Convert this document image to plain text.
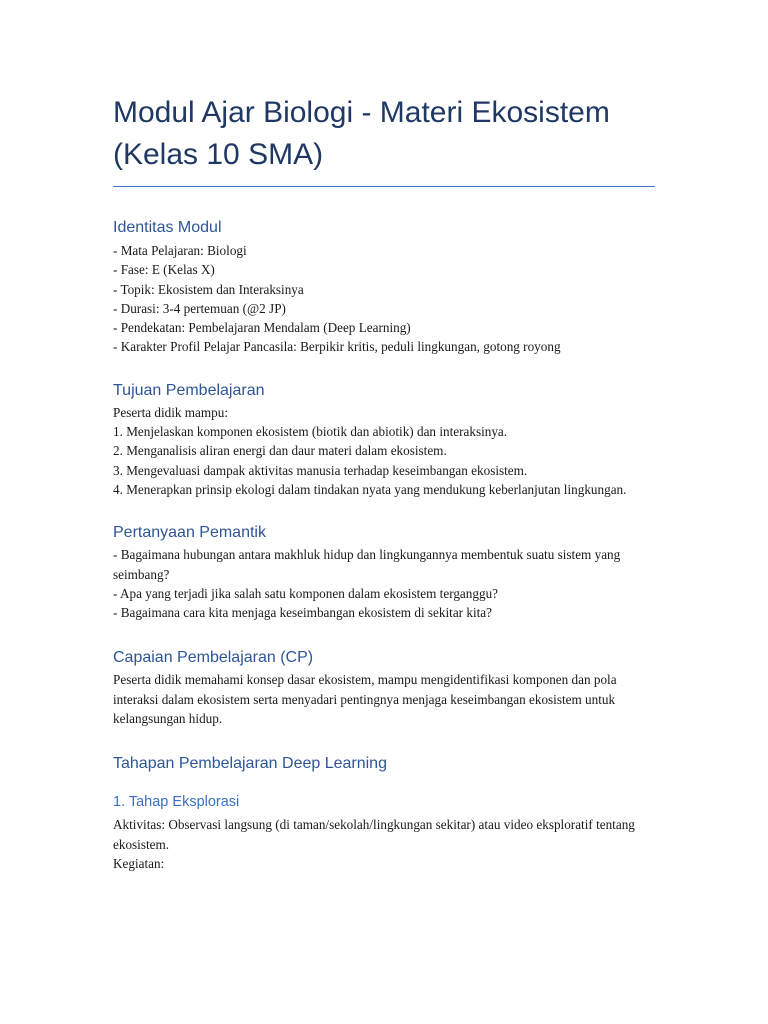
Modul Ajar Biologi - Materi Ekosistem (Kelas 10 SMA)
Identitas Modul

- Mata Pelajaran: Biologi

- Fase: E (Kelas X)

- Topik: Ekosistem dan Interaksinya

- Durasi: 3-4 pertemuan (@2 JP)

- Pendekatan: Pembelajaran Mendalam (Deep Learning)

- Karakter Profil Pelajar Pancasila: Berpikir kritis, peduli lingkungan, gotong royong

Tujuan Pembelajaran

Peserta didik mampu:

1. Menjelaskan komponen ekosistem (biotik dan abiotik) dan interaksinya.

2. Menganalisis aliran energi dan daur materi dalam ekosistem.

3. Mengevaluasi dampak aktivitas manusia terhadap keseimbangan ekosistem.

4. Menerapkan prinsip ekologi dalam tindakan nyata yang mendukung keberlanjutan lingkungan.

Pertanyaan Pemantik

- Bagaimana hubungan antara makhluk hidup dan lingkungannya membentuk suatu sistem yang seimbang?

- Apa yang terjadi jika salah satu komponen dalam ekosistem terganggu?

- Bagaimana cara kita menjaga keseimbangan ekosistem di sekitar kita?

Capaian Pembelajaran (CP)

Peserta didik memahami konsep dasar ekosistem, mampu mengidentifikasi komponen dan pola interaksi dalam ekosistem serta menyadari pentingnya menjaga keseimbangan ekosistem untuk kelangsungan hidup.

Tahapan Pembelajaran Deep Learning
1. Tahap Eksplorasi

Aktivitas: Observasi langsung (di taman/sekolah/lingkungan sekitar) atau video eksploratif tentang ekosistem.

Kegiatan:
